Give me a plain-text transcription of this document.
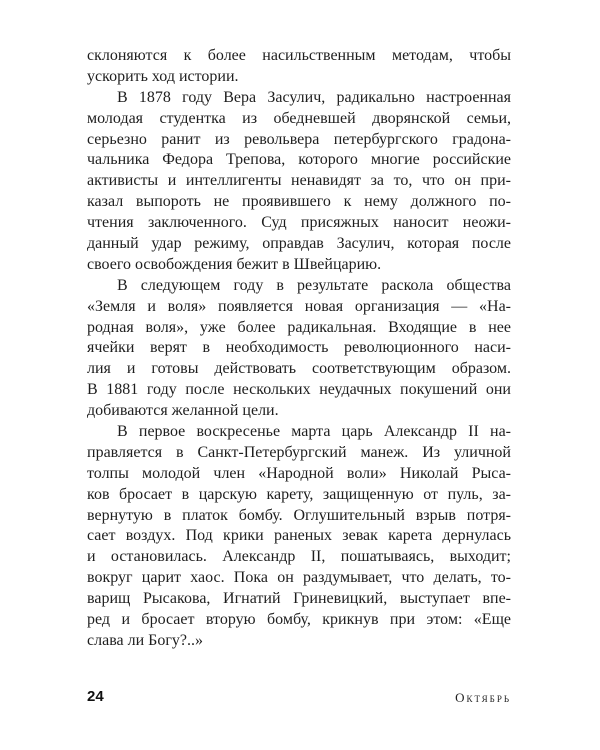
склоняются к более насильственным методам, чтобы
ускорить ход истории.
В 1878 году Вера Засулич, радикально настроенная
молодая студентка из обедневшей дворянской семьи,
серьезно ранит из револьвера петербургского градона-
чальника Федора Трепова, которого многие российские
активисты и интеллигенты ненавидят за то, что он при-
казал выпороть не проявившего к нему должного по-
чтения заключенного. Суд присяжных наносит неожи-
данный удар режиму, оправдав Засулич, которая после
своего освобождения бежит в Швейцарию.
В следующем году в результате раскола общества
«Земля и воля» появляется новая организация — «На-
родная воля», уже более радикальная. Входящие в нее
ячейки верят в необходимость революционного наси-
лия и готовы действовать соответствующим образом.
В 1881 году после нескольких неудачных покушений они
добиваются желанной цели.
В первое воскресенье марта царь Александр II на-
правляется в Санкт-Петербургский манеж. Из уличной
толпы молодой член «Народной воли» Николай Рыса-
ков бросает в царскую карету, защищенную от пуль, за-
вернутую в платок бомбу. Оглушительный взрыв потря-
сает воздух. Под крики раненых зевак карета дернулась
и остановилась. Александр II, пошатываясь, выходит;
вокруг царит хаос. Пока он раздумывает, что делать, то-
варищ Рысакова, Игнатий Гриневицкий, выступает впе-
ред и бросает вторую бомбу, крикнув при этом: «Еще
слава ли Богу?..»
24	Октябрь
